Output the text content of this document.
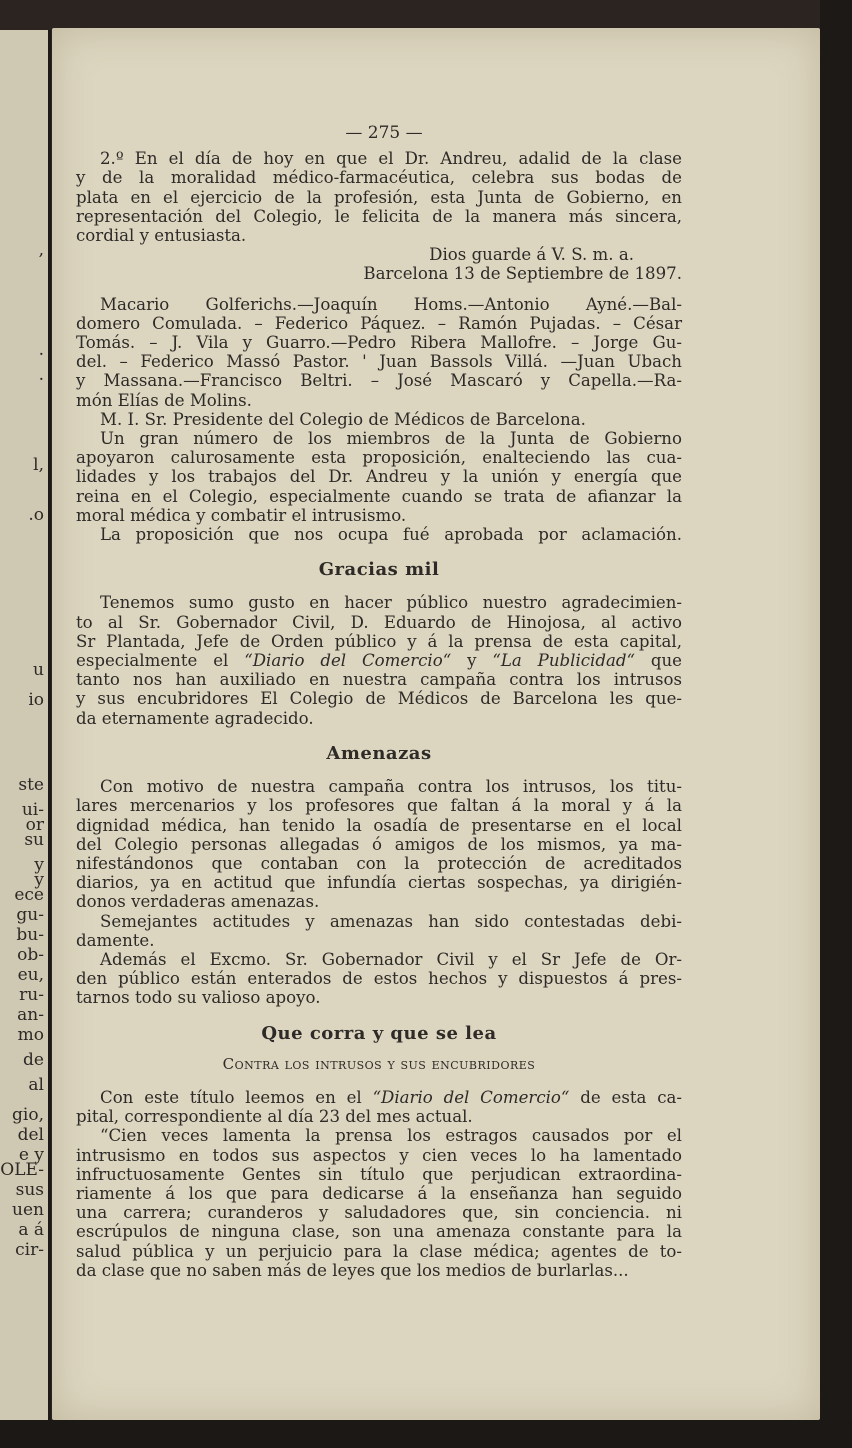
,
.
.
l,
.o
u
io
ste
ui-
or
su
y
y
ece
gu-
bu-
ob-
eu,
ru-
an-
mo
de
al
gio,
del
e y
OLE-
sus
uen
a á
cir-
— 275 —
2.º En el día de hoy en que el Dr. Andreu, adalid de la clase
y de la moralidad médico-farmacéutica, celebra sus bodas de
plata en el ejercicio de la profesión, esta Junta de Gobierno, en
representación del Colegio, le felicita de la manera más sincera,
cordial y entusiasta.
Dios guarde á V. S. m. a.
Barcelona 13 de Septiembre de 1897.
Macario Golferichs.—Joaquín Homs.—Antonio Ayné.—Bal-
domero Comulada. – Federico Páquez. – Ramón Pujadas. – César
Tomás. – J. Vila y Guarro.—Pedro Ribera Mallofre. – Jorge Gu-
del. – Federico Massó Pastor. ' Juan Bassols Villá. —Juan Ubach
y Massana.—Francisco Beltri. – José Mascaró y Capella.—Ra-
món Elías de Molins.
M. I. Sr. Presidente del Colegio de Médicos de Barcelona.
Un gran número de los miembros de la Junta de Gobierno
apoyaron calurosamente esta proposición, enalteciendo las cua-
lidades y los trabajos del Dr. Andreu y la unión y energía que
reina en el Colegio, especialmente cuando se trata de afianzar la
moral médica y combatir el intrusismo.
La proposición que nos ocupa fué aprobada por aclamación.
Gracias mil
Tenemos sumo gusto en hacer público nuestro agradecimien-
to al Sr. Gobernador Civil, D. Eduardo de Hinojosa, al activo
Sr Plantada, Jefe de Orden público y á la prensa de esta capital,
especialmente el “Diario del Comercio“ y “La Publicidad“ que
tanto nos han auxiliado en nuestra campaña contra los intrusos
y sus encubridores El Colegio de Médicos de Barcelona les que-
da eternamente agradecido.
Amenazas
Con motivo de nuestra campaña contra los intrusos, los titu-
lares mercenarios y los profesores que faltan á la moral y á la
dignidad médica, han tenido la osadía de presentarse en el local
del Colegio personas allegadas ó amigos de los mismos, ya ma-
nifestándonos que contaban con la protección de acreditados
diarios, ya en actitud que infundía ciertas sospechas, ya dirigién-
donos verdaderas amenazas.
Semejantes actitudes y amenazas han sido contestadas debi-
damente.
Además el Excmo. Sr. Gobernador Civil y el Sr Jefe de Or-
den público están enterados de estos hechos y dispuestos á pres-
tarnos todo su valioso apoyo.
Que corra y que se lea
Contra los intrusos y sus encubridores
Con este título leemos en el “Diario del Comercio“ de esta ca-
pital, correspondiente al día 23 del mes actual.
“Cien veces lamenta la prensa los estragos causados por el
intrusismo en todos sus aspectos y cien veces lo ha lamentado
infructuosamente Gentes sin título que perjudican extraordina-
riamente á los que para dedicarse á la enseñanza han seguido
una carrera; curanderos y saludadores que, sin conciencia. ni
escrúpulos de ninguna clase, son una amenaza constante para la
salud pública y un perjuicio para la clase médica; agentes de to-
da clase que no saben más de leyes que los medios de burlarlas...
